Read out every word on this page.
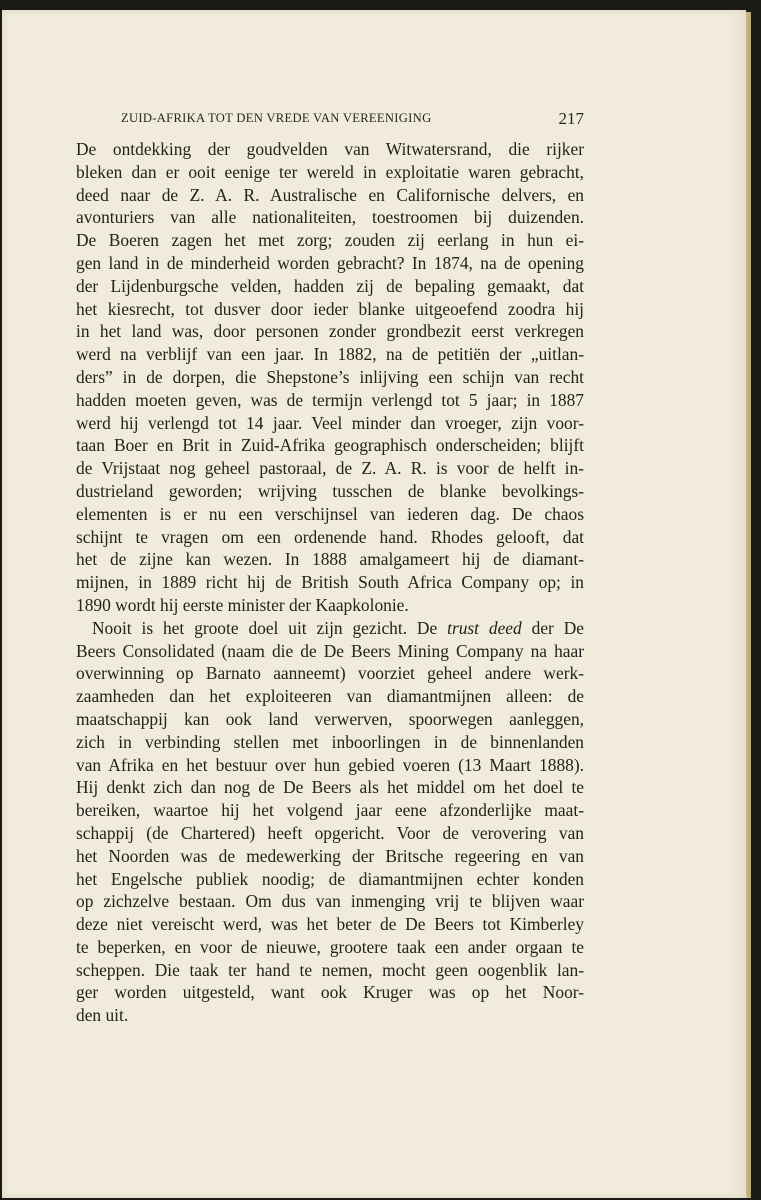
ZUID-AFRIKA TOT DEN VREDE VAN VEREENIGING	217
De ontdekking der goudvelden van Witwatersrand, die rijker
bleken dan er ooit eenige ter wereld in exploitatie waren gebracht,
deed naar de Z. A. R. Australische en Californische delvers, en
avonturiers van alle nationaliteiten, toestroomen bij duizenden.
De Boeren zagen het met zorg; zouden zij eerlang in hun ei-
gen land in de minderheid worden gebracht? In 1874, na de opening
der Lijdenburgsche velden, hadden zij de bepaling gemaakt, dat
het kiesrecht, tot dusver door ieder blanke uitgeoefend zoodra hij
in het land was, door personen zonder grondbezit eerst verkregen
werd na verblijf van een jaar. In 1882, na de petitiën der „uitlan-
ders” in de dorpen, die Shepstone’s inlijving een schijn van recht
hadden moeten geven, was de termijn verlengd tot 5 jaar; in 1887
werd hij verlengd tot 14 jaar. Veel minder dan vroeger, zijn voor-
taan Boer en Brit in Zuid-Afrika geographisch onderscheiden; blijft
de Vrijstaat nog geheel pastoraal, de Z. A. R. is voor de helft in-
dustrieland geworden; wrijving tusschen de blanke bevolkings-
elementen is er nu een verschijnsel van iederen dag. De chaos
schijnt te vragen om een ordenende hand. Rhodes gelooft, dat
het de zijne kan wezen. In 1888 amalgameert hij de diamant-
mijnen, in 1889 richt hij de British South Africa Company op; in
1890 wordt hij eerste minister der Kaapkolonie.
Nooit is het groote doel uit zijn gezicht. De trust deed der De
Beers Consolidated (naam die de De Beers Mining Company na haar
overwinning op Barnato aanneemt) voorziet geheel andere werk-
zaamheden dan het exploiteeren van diamantmijnen alleen: de
maatschappij kan ook land verwerven, spoorwegen aanleggen,
zich in verbinding stellen met inboorlingen in de binnenlanden
van Afrika en het bestuur over hun gebied voeren (13 Maart 1888).
Hij denkt zich dan nog de De Beers als het middel om het doel te
bereiken, waartoe hij het volgend jaar eene afzonderlijke maat-
schappij (de Chartered) heeft opgericht. Voor de verovering van
het Noorden was de medewerking der Britsche regeering en van
het Engelsche publiek noodig; de diamantmijnen echter konden
op zichzelve bestaan. Om dus van inmenging vrij te blijven waar
deze niet vereischt werd, was het beter de De Beers tot Kimberley
te beperken, en voor de nieuwe, grootere taak een ander orgaan te
scheppen. Die taak ter hand te nemen, mocht geen oogenblik lan-
ger worden uitgesteld, want ook Kruger was op het Noor-
den uit.
